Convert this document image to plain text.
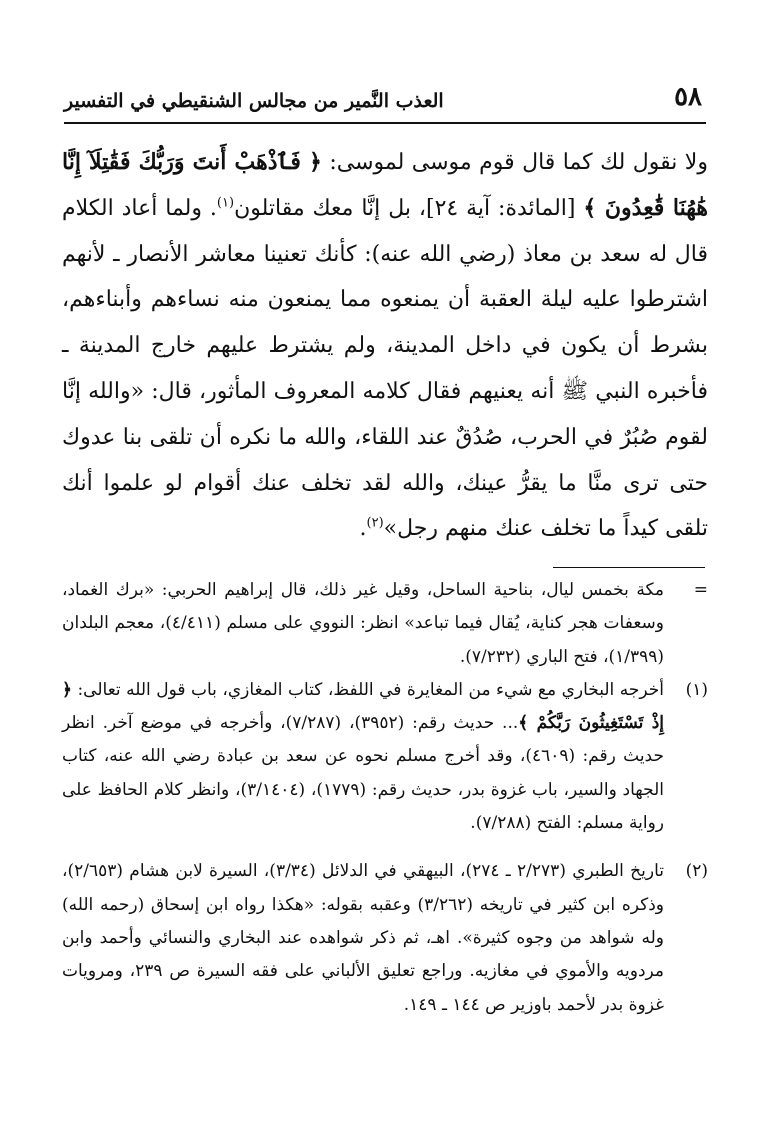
٥٨
العذب النَّمير من مجالس الشنقيطي في التفسير

ولا نقول لك كما قال قوم موسى لموسى: ﴿ فَٱذْهَبْ أَنتَ وَرَبُّكَ فَقَٰتِلَآ إِنَّا هَٰهُنَا قَٰعِدُونَ ﴾ [المائدة: آية ٢٤]، بل إنَّا معك مقاتلون$^{(١)}$. ولما أعاد الكلام قال له سعد بن معاذ (رضي الله عنه): كأنك تعنينا معاشر الأنصار ـ لأنهم اشترطوا عليه ليلة العقبة أن يمنعوه مما يمنعون منه نساءهم وأبناءهم، بشرط أن يكون في داخل المدينة، ولم يشترط عليهم خارج المدينة ـ فأخبره النبي ﷺ أنه يعنيهم فقال كلامه المعروف المأثور، قال: «والله إنَّا لقوم صُبُرٌ في الحرب، صُدُقٌ عند اللقاء، والله ما نكره أن تلقى بنا عدوك حتى ترى منَّا ما يقرُّ عينك، والله لقد تخلف عنك أقوام لو علموا أنك تلقى كيداً ما تخلف عنك منهم رجل»$^{(٢)}$.

=
مكة بخمس ليال، بناحية الساحل، وقيل غير ذلك، قال إبراهيم الحربي: «برك الغماد، وسعفات هجر كناية، يُقال فيما تباعد» انظر: النووي على مسلم (٤/٤١١)، معجم البلدان (١/٣٩٩)، فتح الباري (٧/٢٣٢).

(١)
أخرجه البخاري مع شيء من المغايرة في اللفظ، كتاب المغازي، باب قول الله تعالى: ﴿ إِذْ تَسْتَغِيثُونَ رَبَّكُمْ ﴾... حديث رقم: (٣٩٥٢)، (٧/٢٨٧)، وأخرجه في موضع آخر. انظر حديث رقم: (٤٦٠٩)، وقد أخرج مسلم نحوه عن سعد بن عبادة رضي الله عنه، كتاب الجهاد والسير، باب غزوة بدر، حديث رقم: (١٧٧٩)، (٣/١٤٠٤)، وانظر كلام الحافظ على رواية مسلم: الفتح (٧/٢٨٨).

(٢)
تاريخ الطبري (٢/٢٧٣ ـ ٢٧٤)، البيهقي في الدلائل (٣/٣٤)، السيرة لابن هشام (٢/٦٥٣)، وذكره ابن كثير في تاريخه (٣/٢٦٢) وعقبه بقوله: «هكذا رواه ابن إسحاق (رحمه الله) وله شواهد من وجوه كثيرة». اهـ، ثم ذكر شواهده عند البخاري والنسائي وأحمد وابن مردويه والأموي في مغازيه. وراجع تعليق الألباني على فقه السيرة ص ٢٣٩، ومرويات غزوة بدر لأحمد باوزير ص ١٤٤ ـ ١٤٩.
